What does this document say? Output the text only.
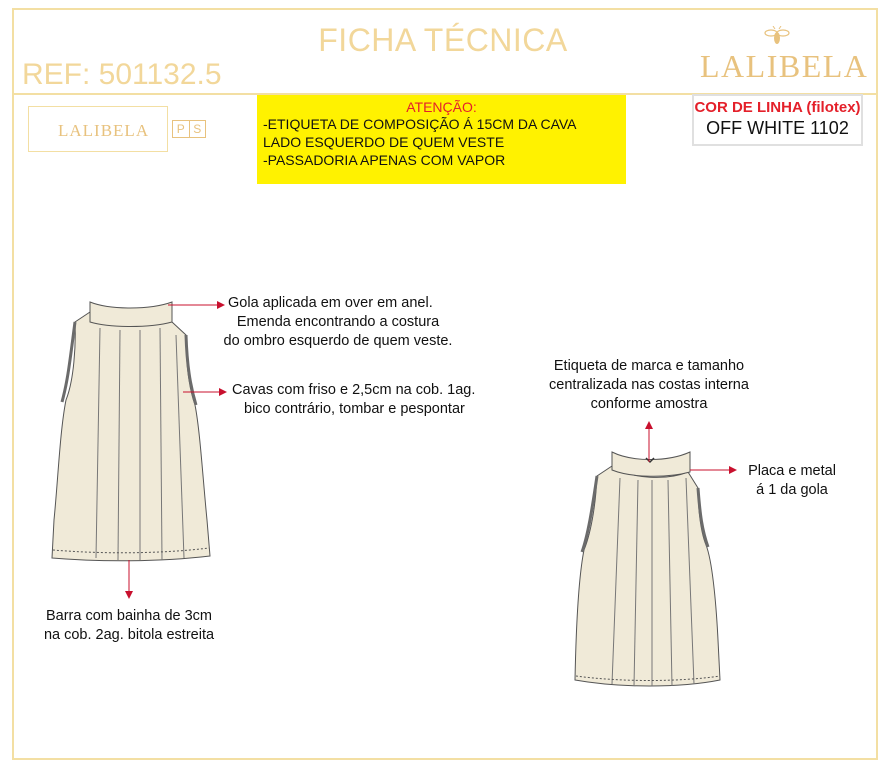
FICHA TÉCNICA
REF: 501132.5	LALIBELA
LALIBELA	P S
ATENÇÃO:
-ETIQUETA DE COMPOSIÇÃO Á 15CM DA CAVA
LADO ESQUERDO DE QUEM VESTE
-PASSADORIA APENAS COM VAPOR
COR DE LINHA (filotex)
OFF WHITE 1102
Gola aplicada em over em anel.
Emenda encontrando a costura
do ombro esquerdo de quem veste.
Cavas com friso e 2,5cm na cob. 1ag.
bico contrário, tombar e pespontar
Barra com bainha de 3cm
na cob. 2ag. bitola estreita
Etiqueta de marca e tamanho
centralizada nas costas interna
conforme amostra
Placa e metal
á 1 da gola
